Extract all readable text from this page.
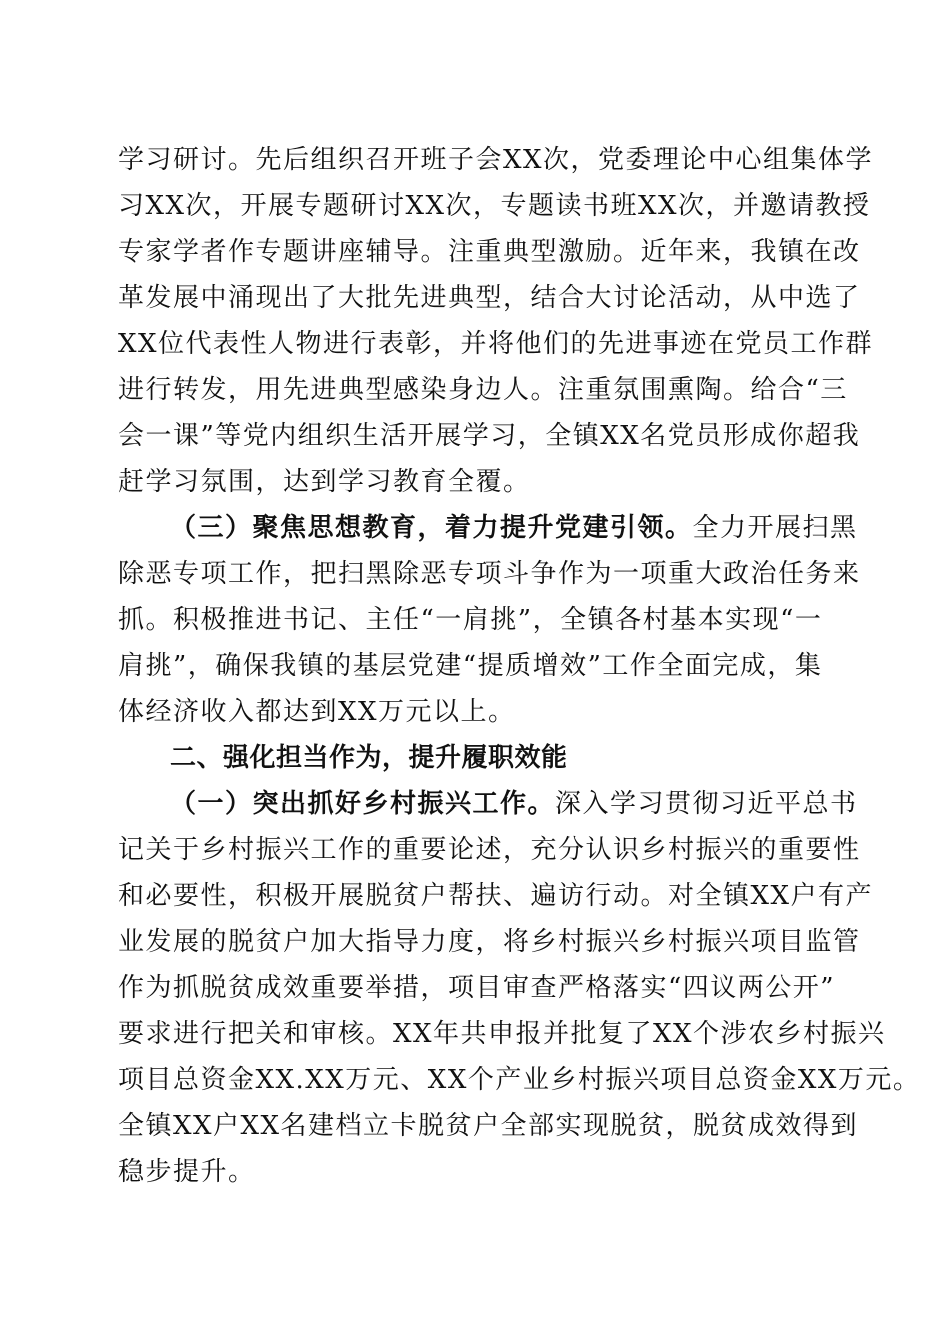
学习研讨。先后组织召开班子会XX次，党委理论中心组集体学
习XX次，开展专题研讨XX次，专题读书班XX次，并邀请教授
专家学者作专题讲座辅导。注重典型激励。近年来，我镇在改
革发展中涌现出了大批先进典型，结合大讨论活动，从中选了
XX位代表性人物进行表彰，并将他们的先进事迹在党员工作群
进行转发，用先进典型感染身边人。注重氛围熏陶。给合“三
会一课”等党内组织生活开展学习，全镇XX名党员形成你超我
赶学习氛围，达到学习教育全覆。
（三）聚焦思想教育，着力提升党建引领。全力开展扫黑
除恶专项工作，把扫黑除恶专项斗争作为一项重大政治任务来
抓。积极推进书记、主任“一肩挑”，全镇各村基本实现“一
肩挑”，确保我镇的基层党建“提质增效”工作全面完成，集
体经济收入都达到XX万元以上。
二、强化担当作为，提升履职效能
（一）突出抓好乡村振兴工作。深入学习贯彻习近平总书
记关于乡村振兴工作的重要论述，充分认识乡村振兴的重要性
和必要性，积极开展脱贫户帮扶、遍访行动。对全镇XX户有产
业发展的脱贫户加大指导力度，将乡村振兴乡村振兴项目监管
作为抓脱贫成效重要举措，项目审查严格落实“四议两公开”
要求进行把关和审核。XX年共申报并批复了XX个涉农乡村振兴
项目总资金XX.XX万元、XX个产业乡村振兴项目总资金XX万元。
全镇XX户XX名建档立卡脱贫户全部实现脱贫，脱贫成效得到
稳步提升。
